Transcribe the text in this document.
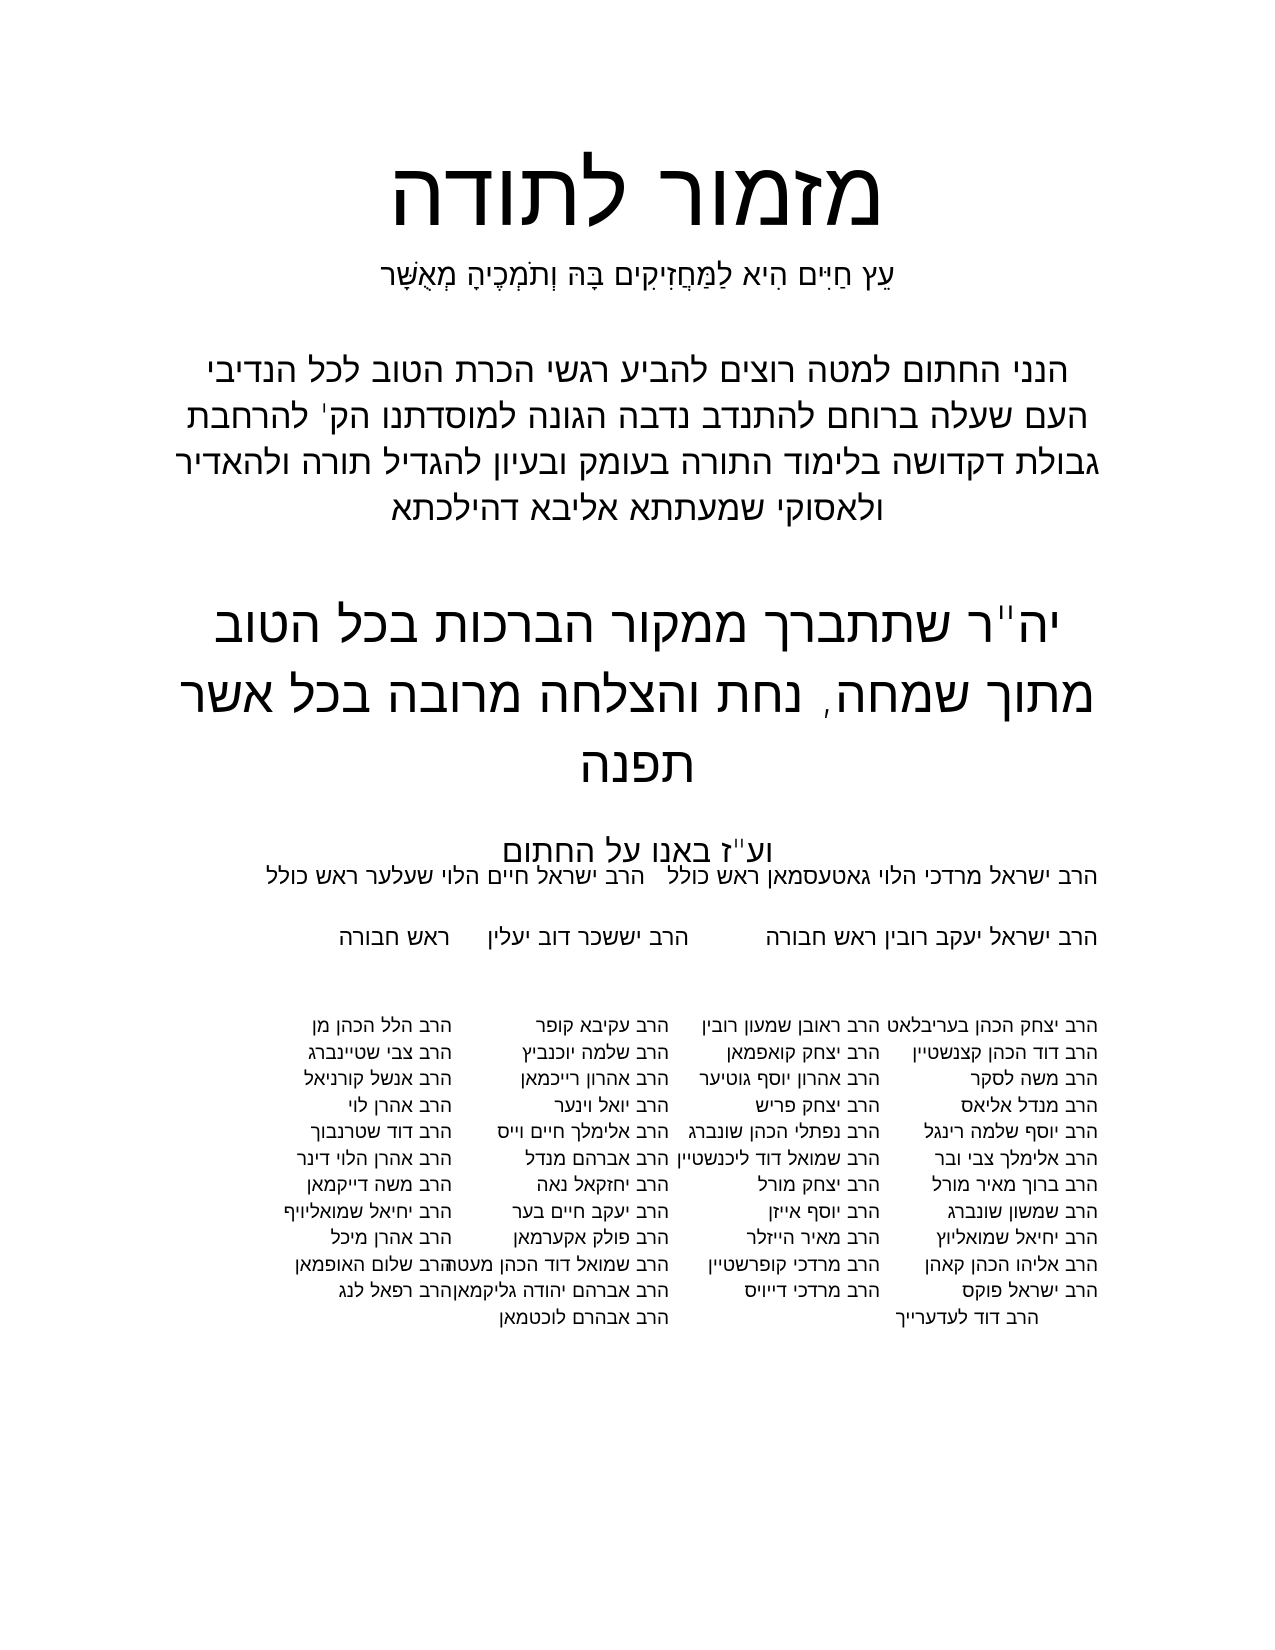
מזמור לתודה
עֵץ חַיִּים הִיא לַמַּחֲזִיקִים בָּהּ וְתֹמְכֶיהָ מְאֻשָּׁר
הנני החתום למטה רוצים להביע רגשי הכרת הטוב לכל הנדיבי
העם שעלה ברוחם להתנדב נדבה הגונה למוסדתנו הק' להרחבת
גבולת דקדושה בלימוד התורה בעומק ובעיון להגדיל תורה ולהאדיר
ולאסוקי שמעתתא אליבא דהילכתא
יה"ר שתתברך ממקור הברכות בכל הטוב
מתוך שמחה, נחת והצלחה מרובה בכל אשר
תפנה
וע"ז באנו על החתום
הרב ישראל מרדכי הלוי גאטעסמאן ראש כולל
הרב ישראל חיים הלוי שעלער ראש כולל
הרב ישראל יעקב רובין ראש חבורה
הרב יששכר דוב יעלין
ראש חבורה
הרב יצחק הכהן בעריבלאט
הרב ראובן שמעון רובין
הרב עקיבא קופר
הרב הלל הכהן מן
הרב דוד הכהן קצנשטיין
הרב יצחק קואפמאן
הרב שלמה יוכנביץ
הרב צבי שטיינברג
הרב משה לסקר
הרב אהרון יוסף גוטיער
הרב אהרון רייכמאן
הרב אנשל קורניאל
הרב מנדל אליאס
הרב יצחק פריש
הרב יואל וינער
הרב אהרן לוי
הרב יוסף שלמה רינגל
הרב נפתלי הכהן שונברג
הרב אלימלך חיים וייס
הרב דוד שטרנבוך
הרב אלימלך צבי ובר
הרב שמואל דוד ליכנשטיין
הרב אברהם מנדל
הרב אהרן הלוי דינר
הרב ברוך מאיר מורל
הרב יצחק מורל
הרב יחזקאל נאה
הרב משה דייקמאן
הרב שמשון שונברג
הרב יוסף אייזן
הרב יעקב חיים בער
הרב יחיאל שמואליויף
הרב יחיאל שמואליוץ
הרב מאיר הייזלר
הרב פולק אקערמאן
הרב אהרן מיכל
הרב אליהו הכהן קאהן
הרב מרדכי קופרשטיין
הרב שמואל דוד הכהן מעטה
הרב שלום האופמאן
הרב ישראל פוקס
הרב מרדכי דייויס
הרב אברהם יהודה גליקמאן
הרב רפאל לנג
הרב דוד לעדערייך
הרב אבהרם לוכטמאן
